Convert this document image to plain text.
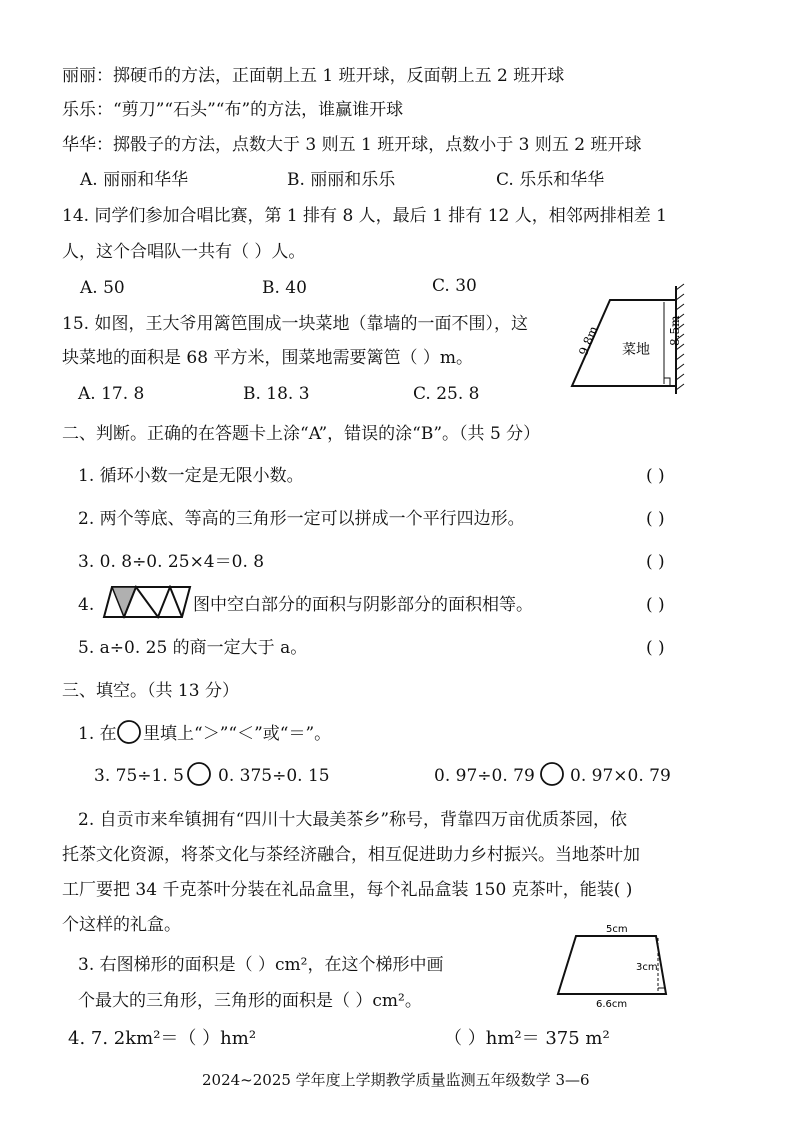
丽丽：掷硬币的方法，正面朝上五 1 班开球，反面朝上五 2 班开球
乐乐：“剪刀”“石头”“布”的方法，谁赢谁开球
华华：掷骰子的方法，点数大于 3 则五 1 班开球，点数小于 3 则五 2 班开球
A. 丽丽和华华	B. 丽丽和乐乐	C. 乐乐和华华
14. 同学们参加合唱比赛，第 1 排有 8 人，最后 1 排有 12 人，相邻两排相差 1
人，这个合唱队一共有（ ）人。
A. 50	B. 40	C. 30
15. 如图，王大爷用篱笆围成一块菜地（靠墙的一面不围），这
块菜地的面积是 68 平方米，围菜地需要篱笆（ ）m。
A. 17. 8	B. 18. 3	C. 25. 8
9.8m	8.5m
菜地
二、判断。正确的在答题卡上涂“A”，错误的涂“B”。（共 5 分）
1. 循环小数一定是无限小数。	( )
2. 两个等底、等高的三角形一定可以拼成一个平行四边形。	( )
3. 0. 8÷0. 25×4＝0. 8	( )
4.	图中空白部分的面积与阴影部分的面积相等。	( )
5. a÷0. 25 的商一定大于 a。	( )
三、填空。（共 13 分）
1. 在 里填上“＞”“＜”或“＝”。
3. 75÷1. 5 0. 375÷0. 15	0. 97÷0. 79 0. 97×0. 79
2. 自贡市来牟镇拥有“四川十大最美茶乡”称号，背靠四万亩优质茶园，依
托茶文化资源，将茶文化与茶经济融合，相互促进助力乡村振兴。当地茶叶加
工厂要把 34 千克茶叶分装在礼品盒里，每个礼品盒装 150 克茶叶，能装( )
个这样的礼盒。
3. 右图梯形的面积是（ ）cm²，在这个梯形中画
个最大的三角形，三角形的面积是（ ）cm²。
5cm
3cm
6.6cm
4. 7. 2km²＝（ ）hm²	（ ）hm²＝ 375 m²
2024~2025 学年度上学期教学质量监测五年级数学 3—6
